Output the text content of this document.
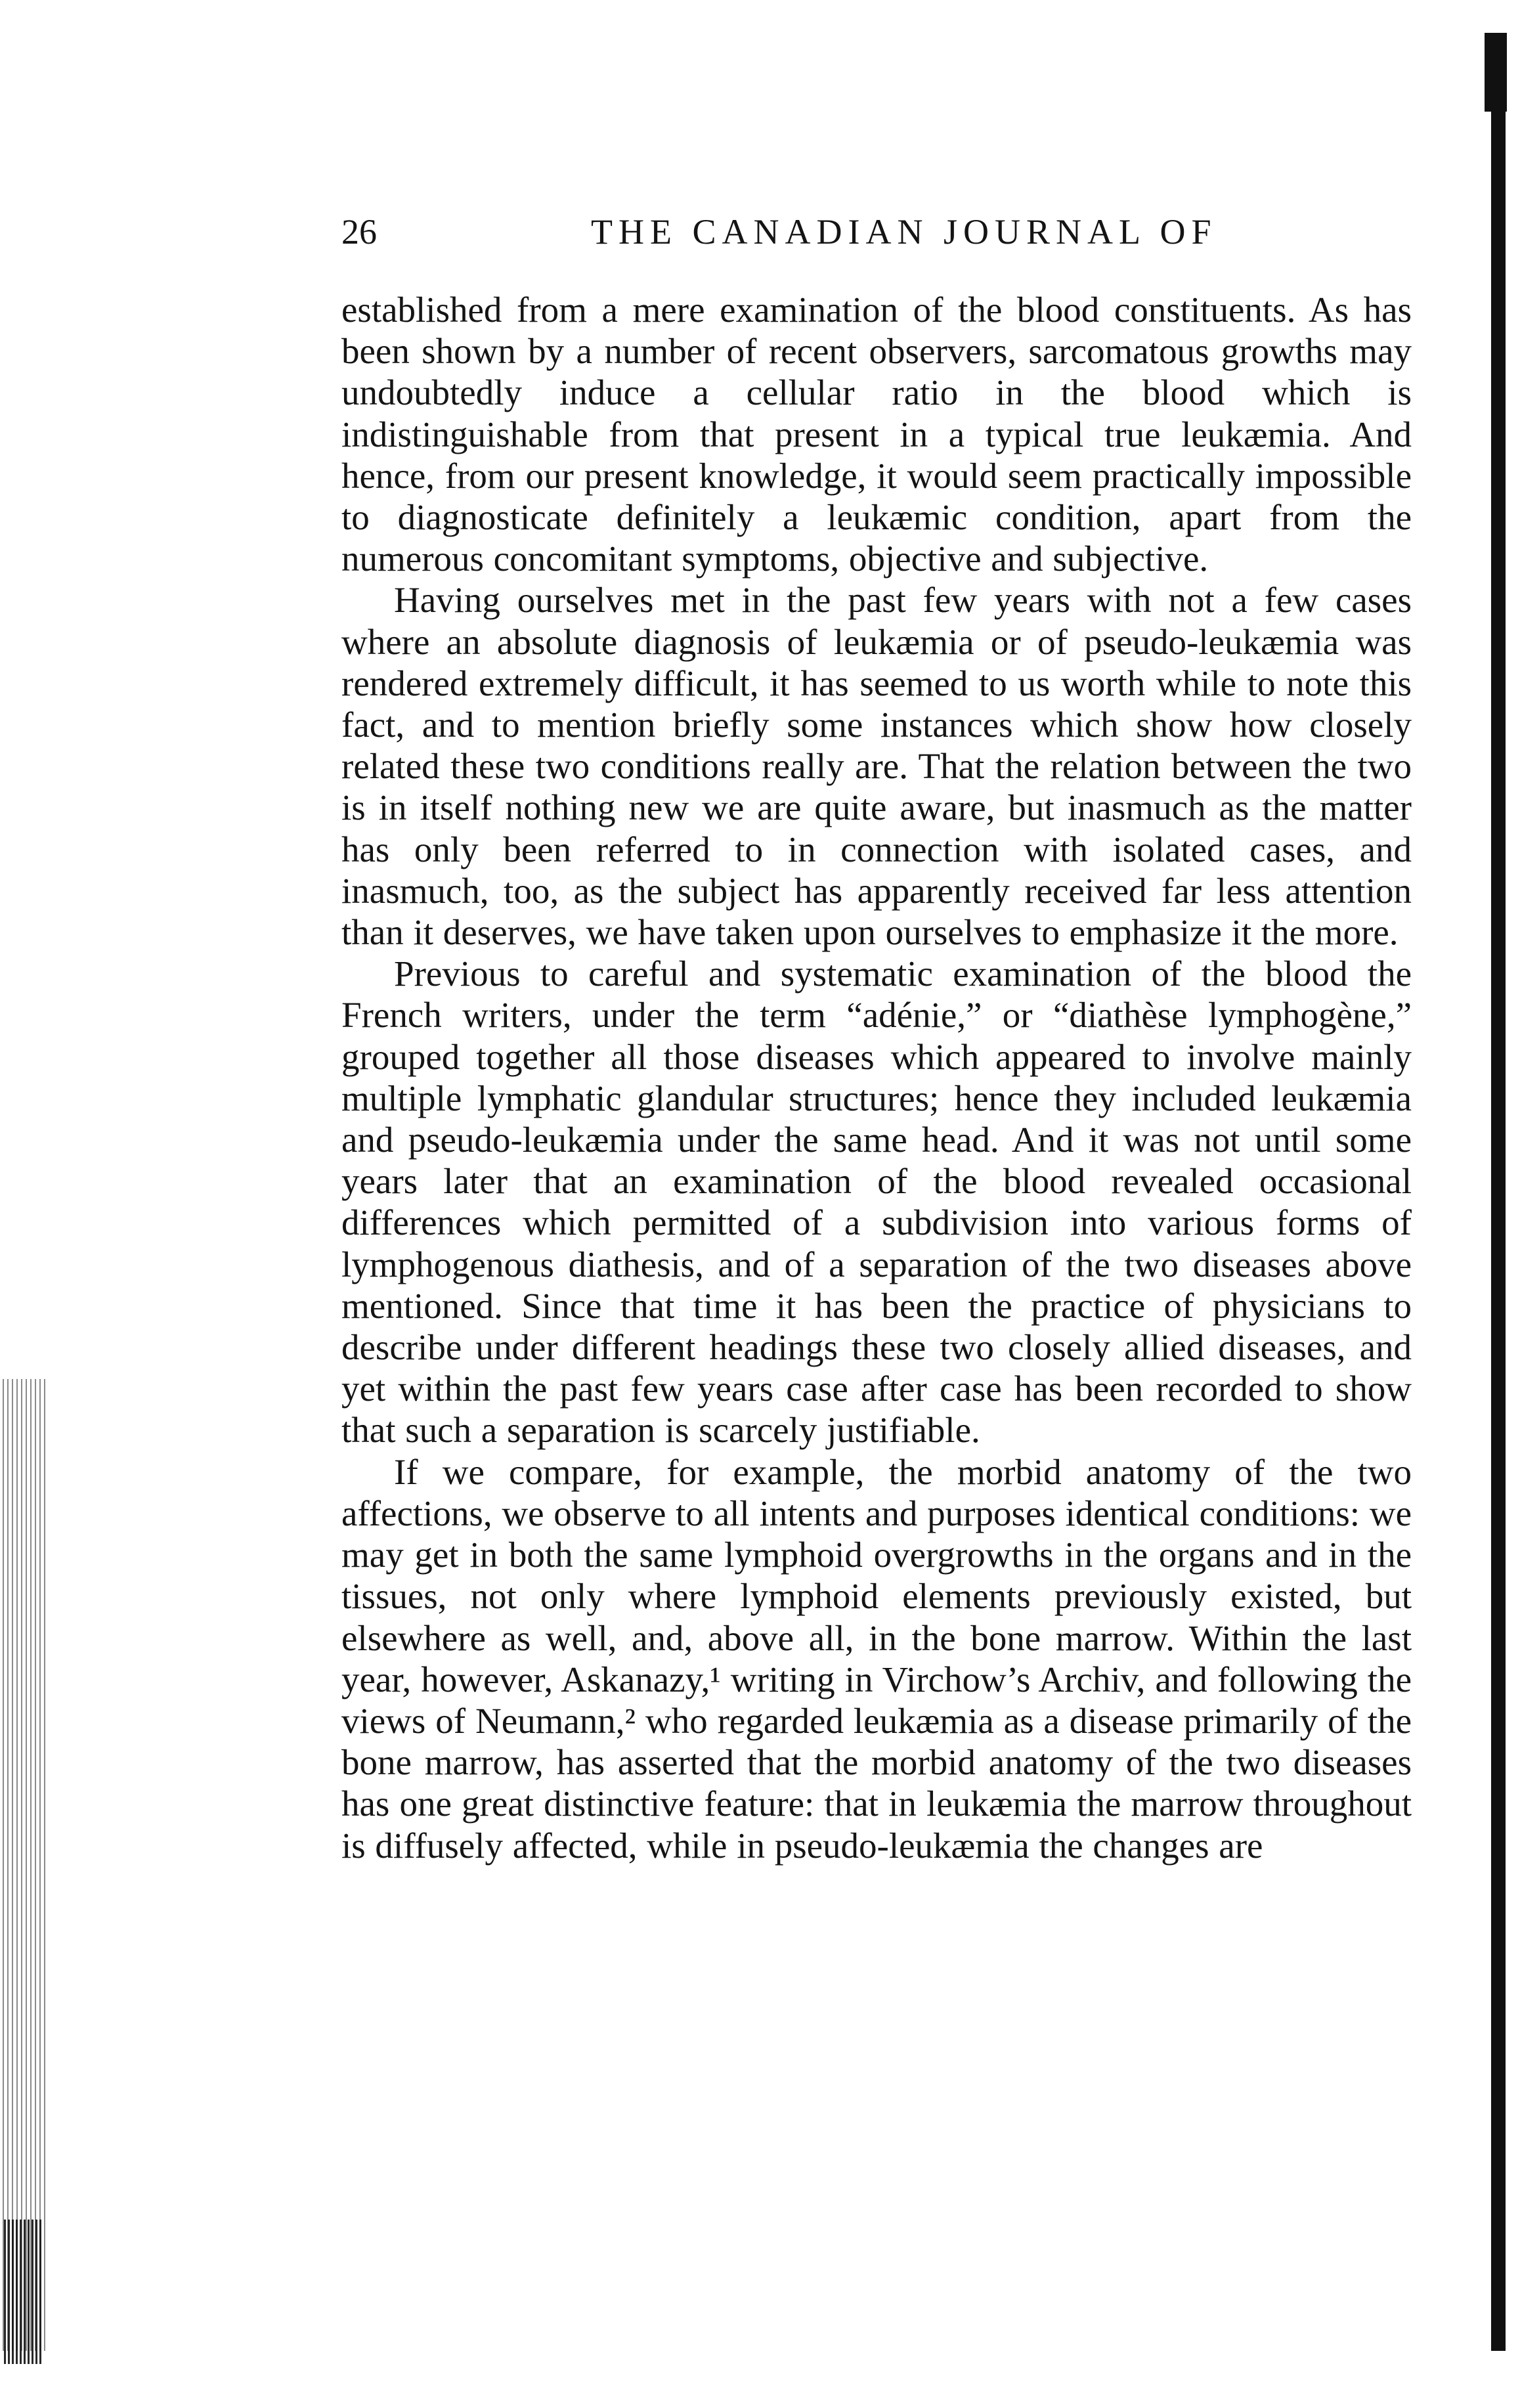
26	THE CANADIAN JOURNAL OF

established from a mere examination of the blood constituents. As has been shown by a number of recent observers, sarcomatous growths may undoubtedly induce a cellular ratio in the blood which is indistinguishable from that present in a typical true leukæmia. And hence, from our present knowledge, it would seem practically impossible to diagnosticate definitely a leukæmic condition, apart from the numerous concomitant symptoms, objective and subjective.

Having ourselves met in the past few years with not a few cases where an absolute diagnosis of leukæmia or of pseudo-leukæmia was rendered extremely difficult, it has seemed to us worth while to note this fact, and to mention briefly some instances which show how closely related these two conditions really are. That the relation between the two is in itself nothing new we are quite aware, but inasmuch as the matter has only been referred to in connection with isolated cases, and inasmuch, too, as the subject has apparently received far less attention than it deserves, we have taken upon ourselves to emphasize it the more.

Previous to careful and systematic examination of the blood the French writers, under the term “adénie,” or “diathèse lymphogène,” grouped together all those diseases which appeared to involve mainly multiple lymphatic glandular structures; hence they included leukæmia and pseudo-leukæmia under the same head. And it was not until some years later that an examination of the blood revealed occasional differences which permitted of a subdivision into various forms of lymphogenous diathesis, and of a separation of the two diseases above mentioned. Since that time it has been the practice of physicians to describe under different headings these two closely allied diseases, and yet within the past few years case after case has been recorded to show that such a separation is scarcely justifiable.

If we compare, for example, the morbid anatomy of the two affections, we observe to all intents and purposes identical conditions: we may get in both the same lymphoid overgrowths in the organs and in the tissues, not only where lymphoid elements previously existed, but elsewhere as well, and, above all, in the bone marrow. Within the last year, however, Askanazy,¹ writing in Virchow’s Archiv, and following the views of Neumann,² who regarded leukæmia as a disease primarily of the bone marrow, has asserted that the morbid anatomy of the two diseases has one great distinctive feature: that in leukæmia the marrow throughout is diffusely affected, while in pseudo-leukæmia the changes are
